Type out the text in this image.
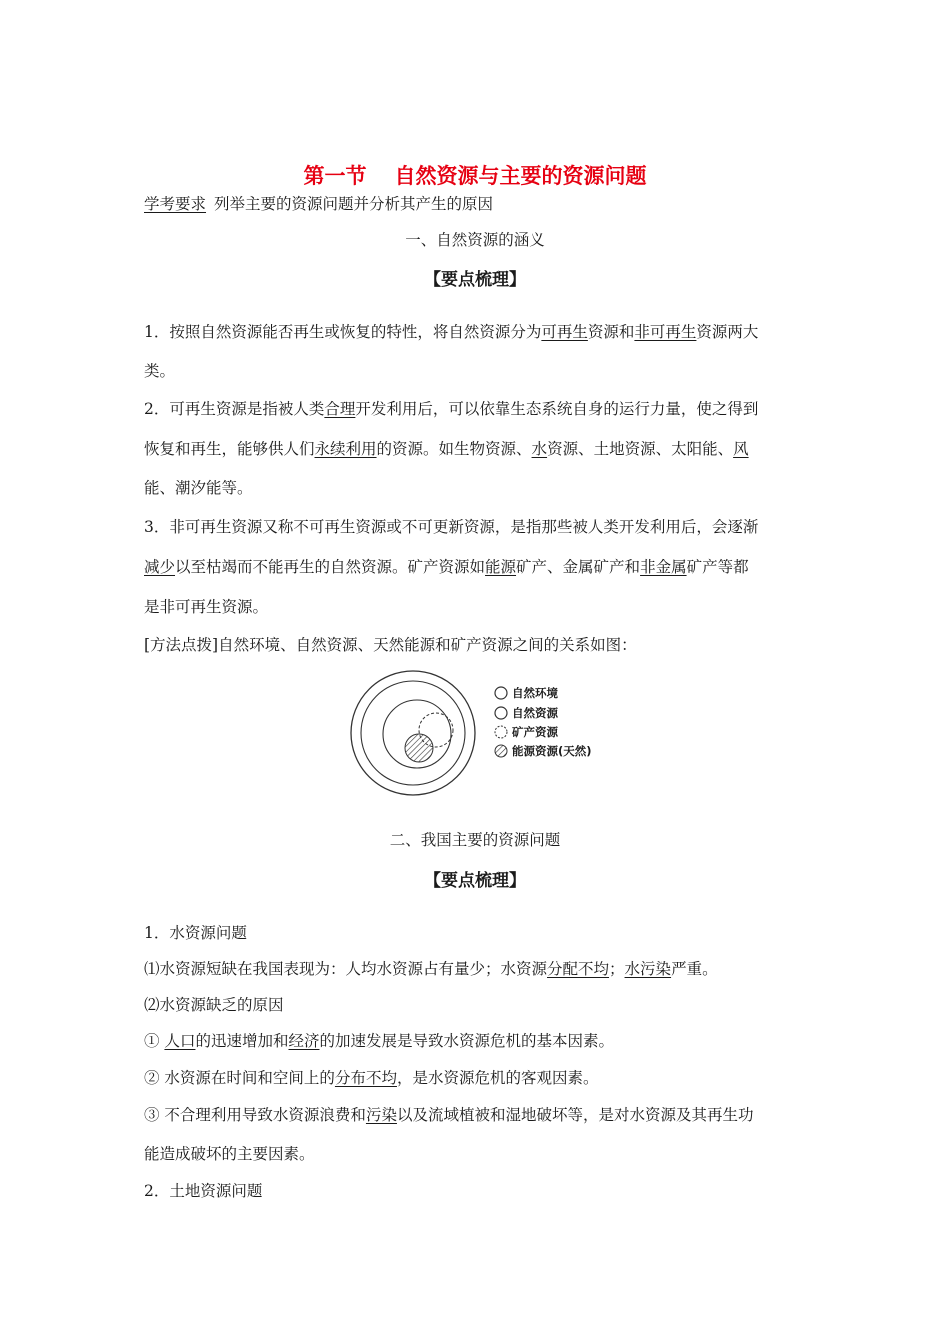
第一节 自然资源与主要的资源问题
学考要求 列举主要的资源问题并分析其产生的原因
一、自然资源的涵义
【要点梳理】
1．按照自然资源能否再生或恢复的特性，将自然资源分为可再生资源和非可再生资源两大
类。
2．可再生资源是指被人类合理开发利用后，可以依靠生态系统自身的运行力量，使之得到
恢复和再生，能够供人们永续利用的资源。如生物资源、水资源、土地资源、太阳能、风
能、潮汐能等。
3．非可再生资源又称不可再生资源或不可更新资源，是指那些被人类开发利用后，会逐渐
减少以至枯竭而不能再生的自然资源。矿产资源如能源矿产、金属矿产和非金属矿产等都
是非可再生资源。
[方法点拨]自然环境、自然资源、天然能源和矿产资源之间的关系如图：
自然环境
自然资源
矿产资源
能源资源(天然)
二、我国主要的资源问题
【要点梳理】
1．水资源问题
⑴水资源短缺在我国表现为：人均水资源占有量少；水资源分配不均；水污染严重。
⑵水资源缺乏的原因
① 人口的迅速增加和经济的加速发展是导致水资源危机的基本因素。
② 水资源在时间和空间上的分布不均，是水资源危机的客观因素。
③ 不合理利用导致水资源浪费和污染以及流域植被和湿地破坏等，是对水资源及其再生功
能造成破坏的主要因素。
2．土地资源问题
